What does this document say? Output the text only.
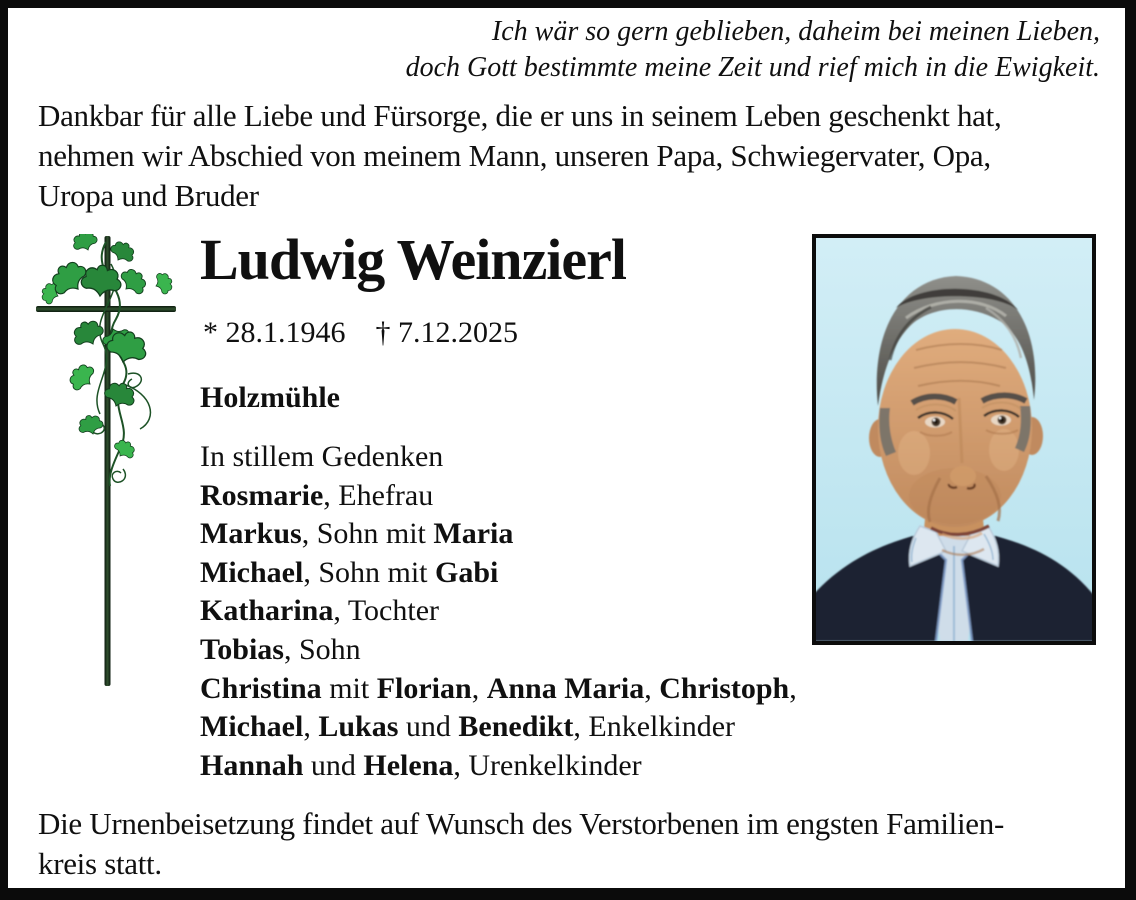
Ich wär so gern geblieben, daheim bei meinen Lieben,
doch Gott bestimmte meine Zeit und rief mich in die Ewigkeit.
Dankbar für alle Liebe und Fürsorge, die er uns in seinem Leben geschenkt hat,
nehmen wir Abschied von meinem Mann, unseren Papa, Schwiegervater, Opa,
Uropa und Bruder
Ludwig Weinzierl
* 28.1.1946 † 7.12.2025
Holzmühle
In stillem Gedenken
Rosmarie, Ehefrau
Markus, Sohn mit Maria
Michael, Sohn mit Gabi
Katharina, Tochter
Tobias, Sohn
Christina mit Florian, Anna Maria, Christoph,
Michael, Lukas und Benedikt, Enkelkinder
Hannah und Helena, Urenkelkinder
Die Urnenbeisetzung findet auf Wunsch des Verstorbenen im engsten Familien-
kreis statt.
